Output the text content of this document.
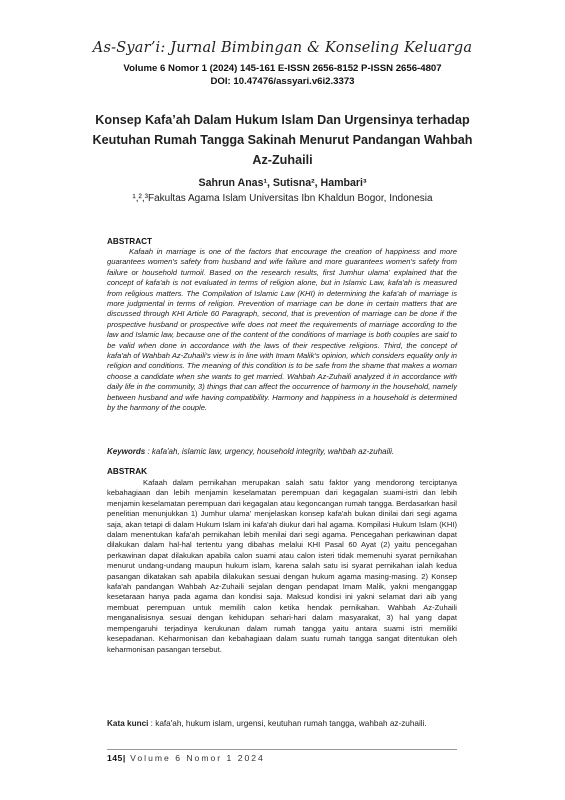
As-Syar’i: Jurnal Bimbingan & Konseling Keluarga
Volume 6 Nomor 1 (2024) 145-161 E-ISSN 2656-8152 P-ISSN 2656-4807
DOI: 10.47476/assyari.v6i2.3373
Konsep Kafa’ah Dalam Hukum Islam Dan Urgensinya terhadap Keutuhan Rumah Tangga Sakinah Menurut Pandangan Wahbah Az-Zuhaili
Sahrun Anas¹, Sutisna², Hambari³
¹,²,³Fakultas Agama Islam Universitas Ibn Khaldun Bogor, Indonesia
ABSTRACT
Kafaah in marriage is one of the factors that encourage the creation of happiness and more guarantees women's safety from husband and wife failure and more guarantees women's safety from failure or household turmoil. Based on the research results, first Jumhur ulama' explained that the concept of kafa'ah is not evaluated in terms of religion alone, but in Islamic Law, kafa'ah is measured from religious matters. The Compilation of Islamic Law (KHI) in determining the kafa'ah of marriage is more judgmental in terms of religion. Prevention of marriage can be done in certain matters that are discussed through KHI Article 60 Paragraph, second, that is prevention of marriage can be done if the prospective husband or prospective wife does not meet the requirements of marriage according to the law and Islamic law, because one of the content of the conditions of marriage is both couples are said to be valid when done in accordance with the laws of their respective religions. Third, the concept of kafa'ah of Wahbah Az-Zuhaili's view is in line with Imam Malik's opinion, which considers equality only in religion and conditions. The meaning of this condition is to be safe from the shame that makes a woman choose a candidate when she wants to get married. Wahbah Az-Zuhaili analyzed it in accordance with daily life in the community, 3) things that can affect the occurrence of harmony in the household, namely between husband and wife having compatibility. Harmony and happiness in a household is determined by the harmony of the couple.
Keywords : kafa'ah, islamic law, urgency, household integrity, wahbah az-zuhaili.
ABSTRAK
Kafaah dalam pernikahan merupakan salah satu faktor yang mendorong terciptanya kebahagiaan dan lebih menjamin keselamatan perempuan dari kegagalan suami-istri dan lebih menjamin keselamatan perempuan dari kegagalan atau kegoncangan rumah tangga. Berdasarkan hasil penelitian menunjukkan 1) Jumhur ulama' menjelaskan konsep kafa'ah bukan dinilai dari segi agama saja, akan tetapi di dalam Hukum Islam ini kafa'ah diukur dari hal agama. Kompilasi Hukum Islam (KHI) dalam menentukan kafa'ah pernikahan lebih menilai dari segi agama. Pencegahan perkawinan dapat dilakukan dalam hal-hal tertentu yang dibahas melalui KHI Pasal 60 Ayat (2) yaitu pencegahan perkawinan dapat dilakukan apabila calon suami atau calon isteri tidak memenuhi syarat pernikahan menurut undang-undang maupun hukum islam, karena salah satu isi syarat pernikahan ialah kedua pasangan dikatakan sah apabila dilakukan sesuai dengan hukum agama masing-masing. 2) Konsep kafa'ah pandangan Wahbah Az-Zuhaili sejalan dengan pendapat Imam Malik, yakni menganggap kesetaraan hanya pada agama dan kondisi saja. Maksud kondisi ini yakni selamat dari aib yang membuat perempuan untuk memilih calon ketika hendak pernikahan. Wahbah Az-Zuhaili menganalisisnya sesuai dengan kehidupan sehari-hari dalam masyarakat, 3) hal yang dapat mempengaruhi terjadinya kerukunan dalam rumah tangga yaitu antara suami istri memiliki kesepadanan. Keharmonisan dan kebahagiaan dalam suatu rumah tangga sangat ditentukan oleh keharmonisan pasangan tersebut.
Kata kunci : kafa'ah, hukum islam, urgensi, keutuhan rumah tangga, wahbah az-zuhaili.
145| Volume 6 Nomor 1 2024
